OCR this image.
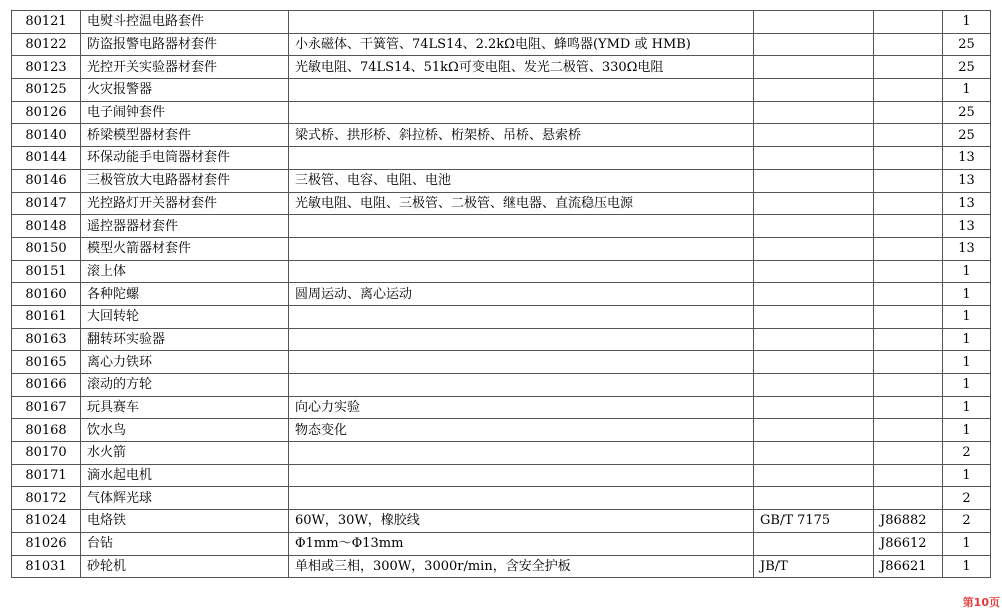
80121	电熨斗控温电路套件				1
80122	防盗报警电路器材套件	小永磁体、干簧管、74LS14、2.2kΩ电阻、蜂鸣器(YMD 或 HMB)			25
80123	光控开关实验器材套件	光敏电阻、74LS14、51kΩ可变电阻、发光二极管、330Ω电阻			25
80125	火灾报警器				1
80126	电子闹钟套件				25
80140	桥梁模型器材套件	梁式桥、拱形桥、斜拉桥、桁架桥、吊桥、悬索桥			25
80144	环保动能手电筒器材套件				13
80146	三极管放大电路器材套件	三极管、电容、电阻、电池			13
80147	光控路灯开关器材套件	光敏电阻、电阻、三极管、二极管、继电器、直流稳压电源			13
80148	遥控器器材套件				13
80150	模型火箭器材套件				13
80151	滚上体				1
80160	各种陀螺	圆周运动、离心运动			1
80161	大回转轮				1
80163	翻转环实验器				1
80165	离心力铁环				1
80166	滚动的方轮				1
80167	玩具赛车	向心力实验			1
80168	饮水鸟	物态变化			1
80170	水火箭				2
80171	滴水起电机				1
80172	气体辉光球				2
81024	电烙铁	60W，30W，橡胶线	GB/T 7175	J86882	2
81026	台钻	Φ1mm～Φ13mm		J86612	1
81031	砂轮机	单相或三相，300W，3000r/min，含安全护板	JB/T	J86621	1
第10页
